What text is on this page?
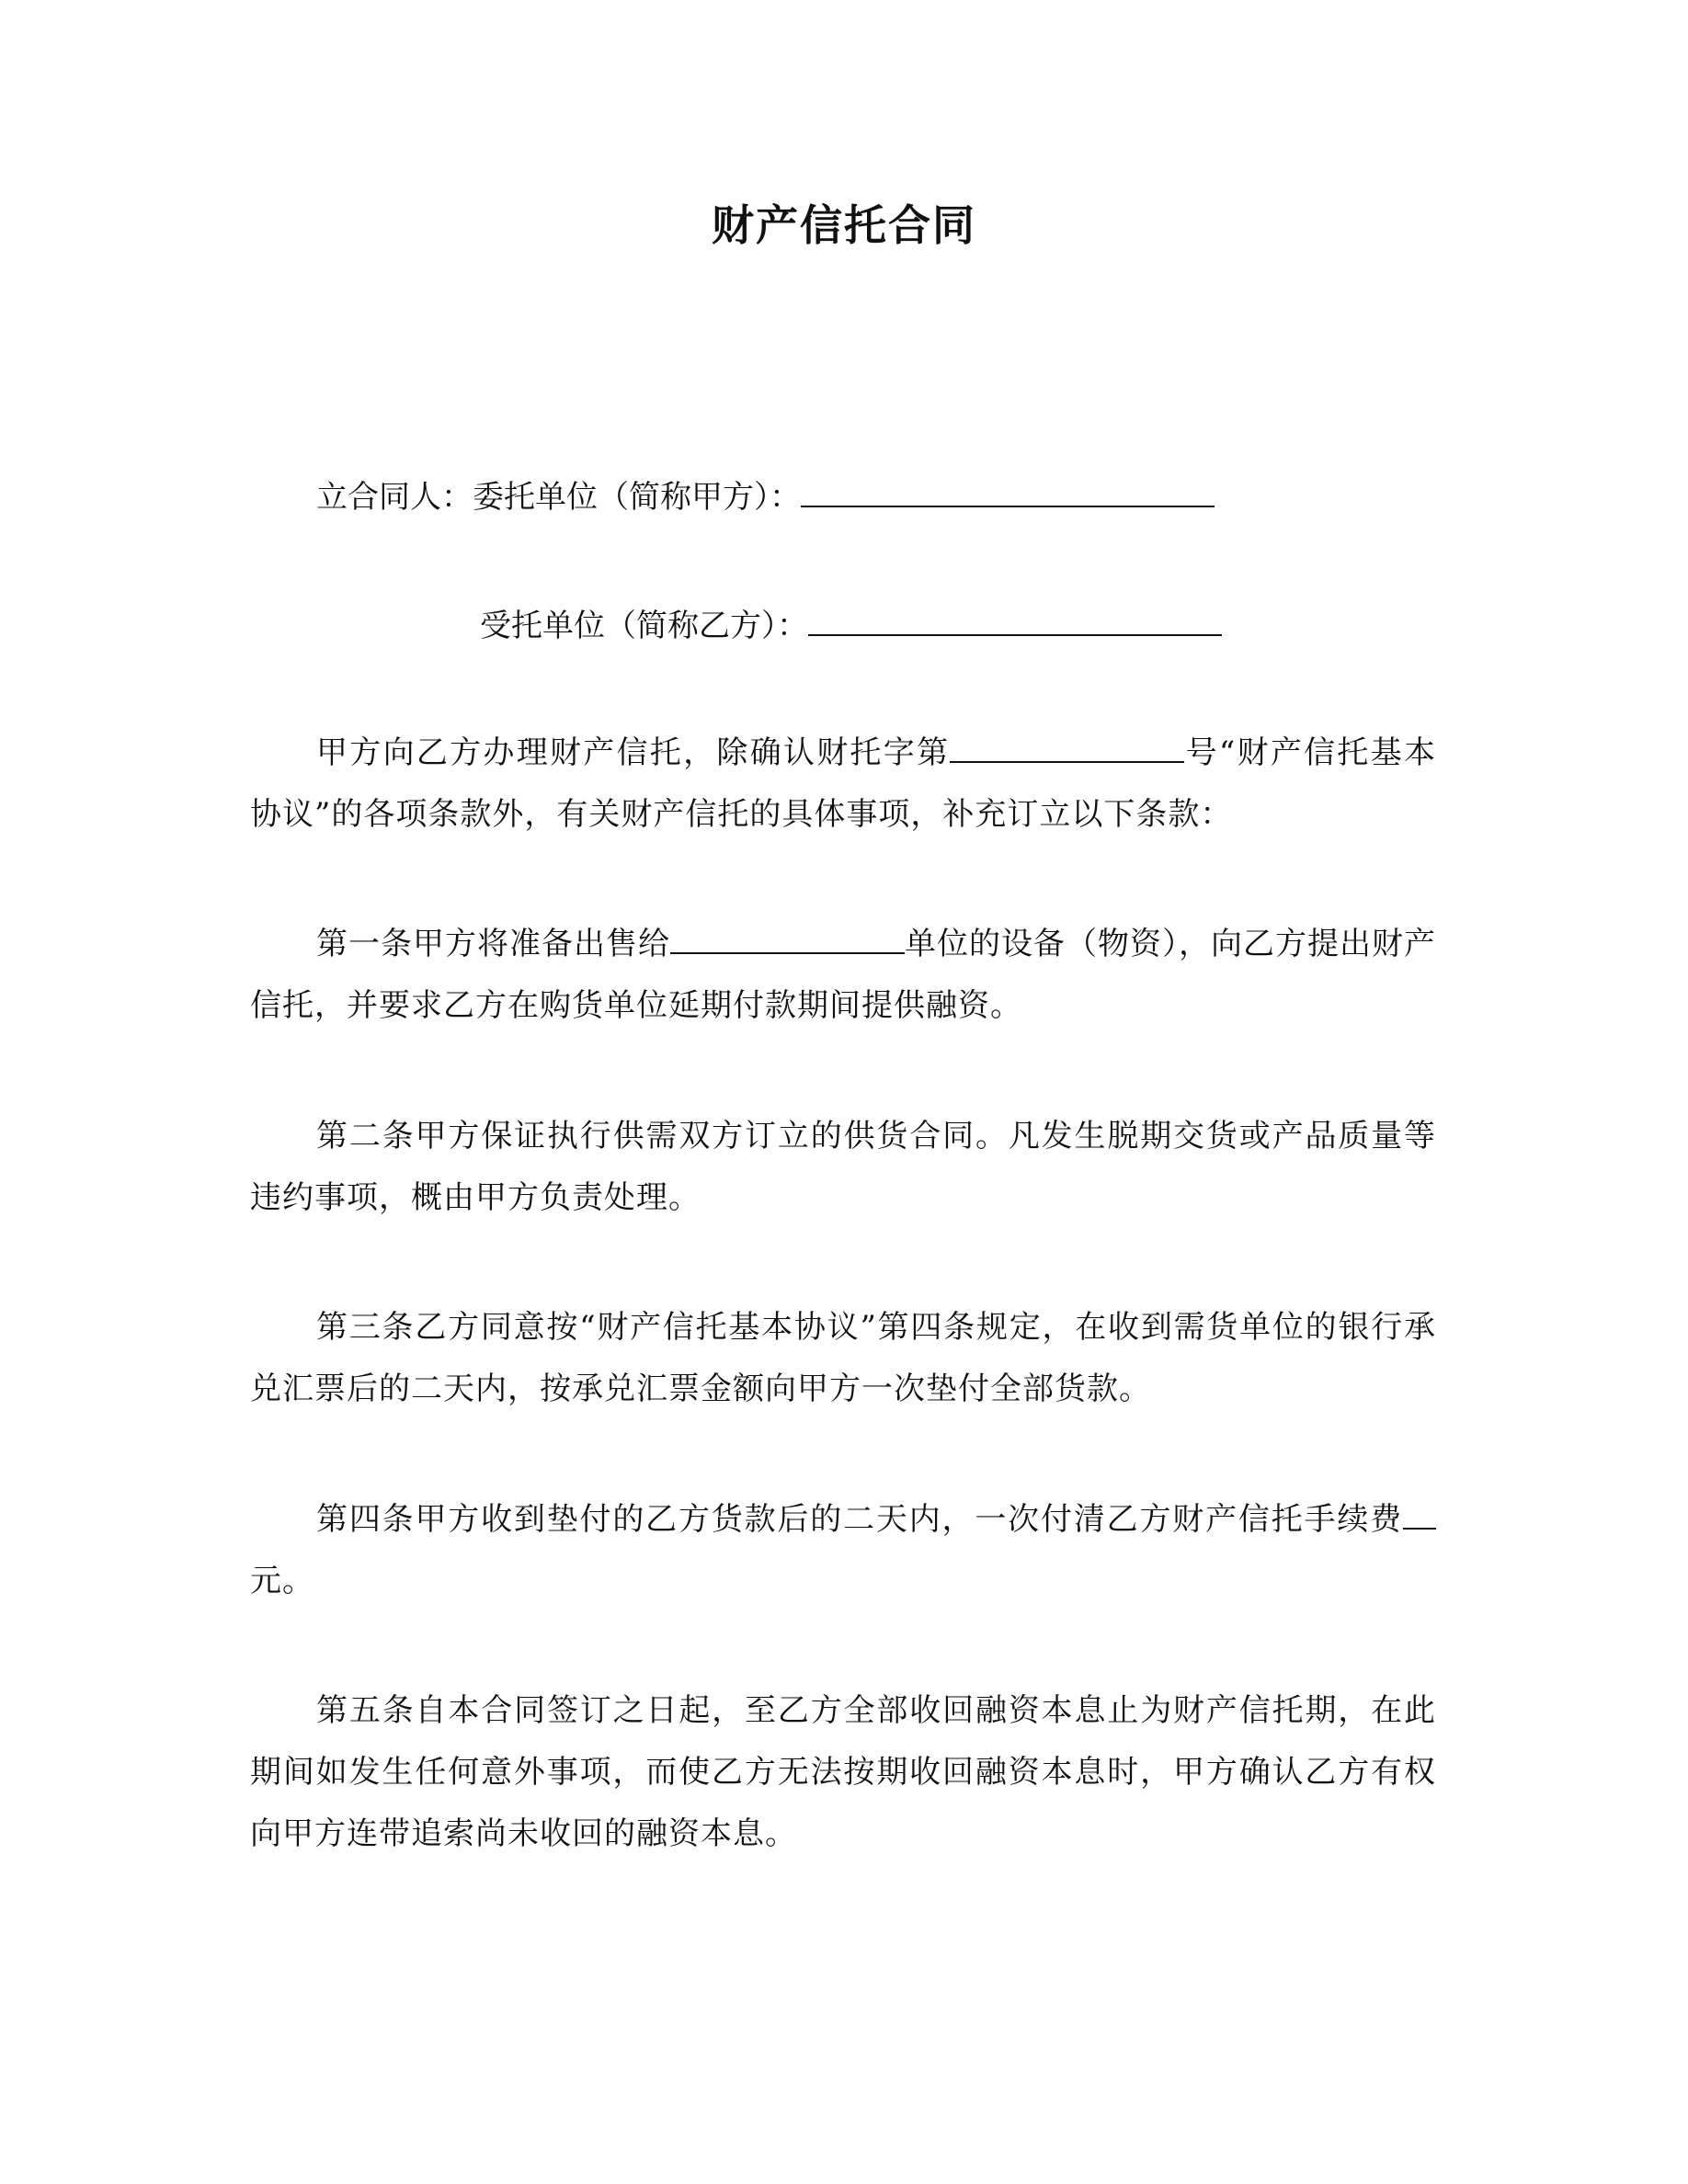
财产信托合同
立合同人：委托单位（简称甲方）：
受托单位（简称乙方）：
甲方向乙方办理财产信托，除确认财托字第	号“财产信托基本协议”的各项条款外，有关财产信托的具体事项，补充订立以下条款：
第一条甲方将准备出售给	单位的设备（物资），向乙方提出财产信托，并要求乙方在购货单位延期付款期间提供融资。
第二条甲方保证执行供需双方订立的供货合同。凡发生脱期交货或产品质量等违约事项，概由甲方负责处理。
第三条乙方同意按“财产信托基本协议”第四条规定，在收到需货单位的银行承兑汇票后的二天内，按承兑汇票金额向甲方一次垫付全部货款。
第四条甲方收到垫付的乙方货款后的二天内，一次付清乙方财产信托手续费元。
第五条自本合同签订之日起，至乙方全部收回融资本息止为财产信托期，在此期间如发生任何意外事项，而使乙方无法按期收回融资本息时，甲方确认乙方有权向甲方连带追索尚未收回的融资本息。
